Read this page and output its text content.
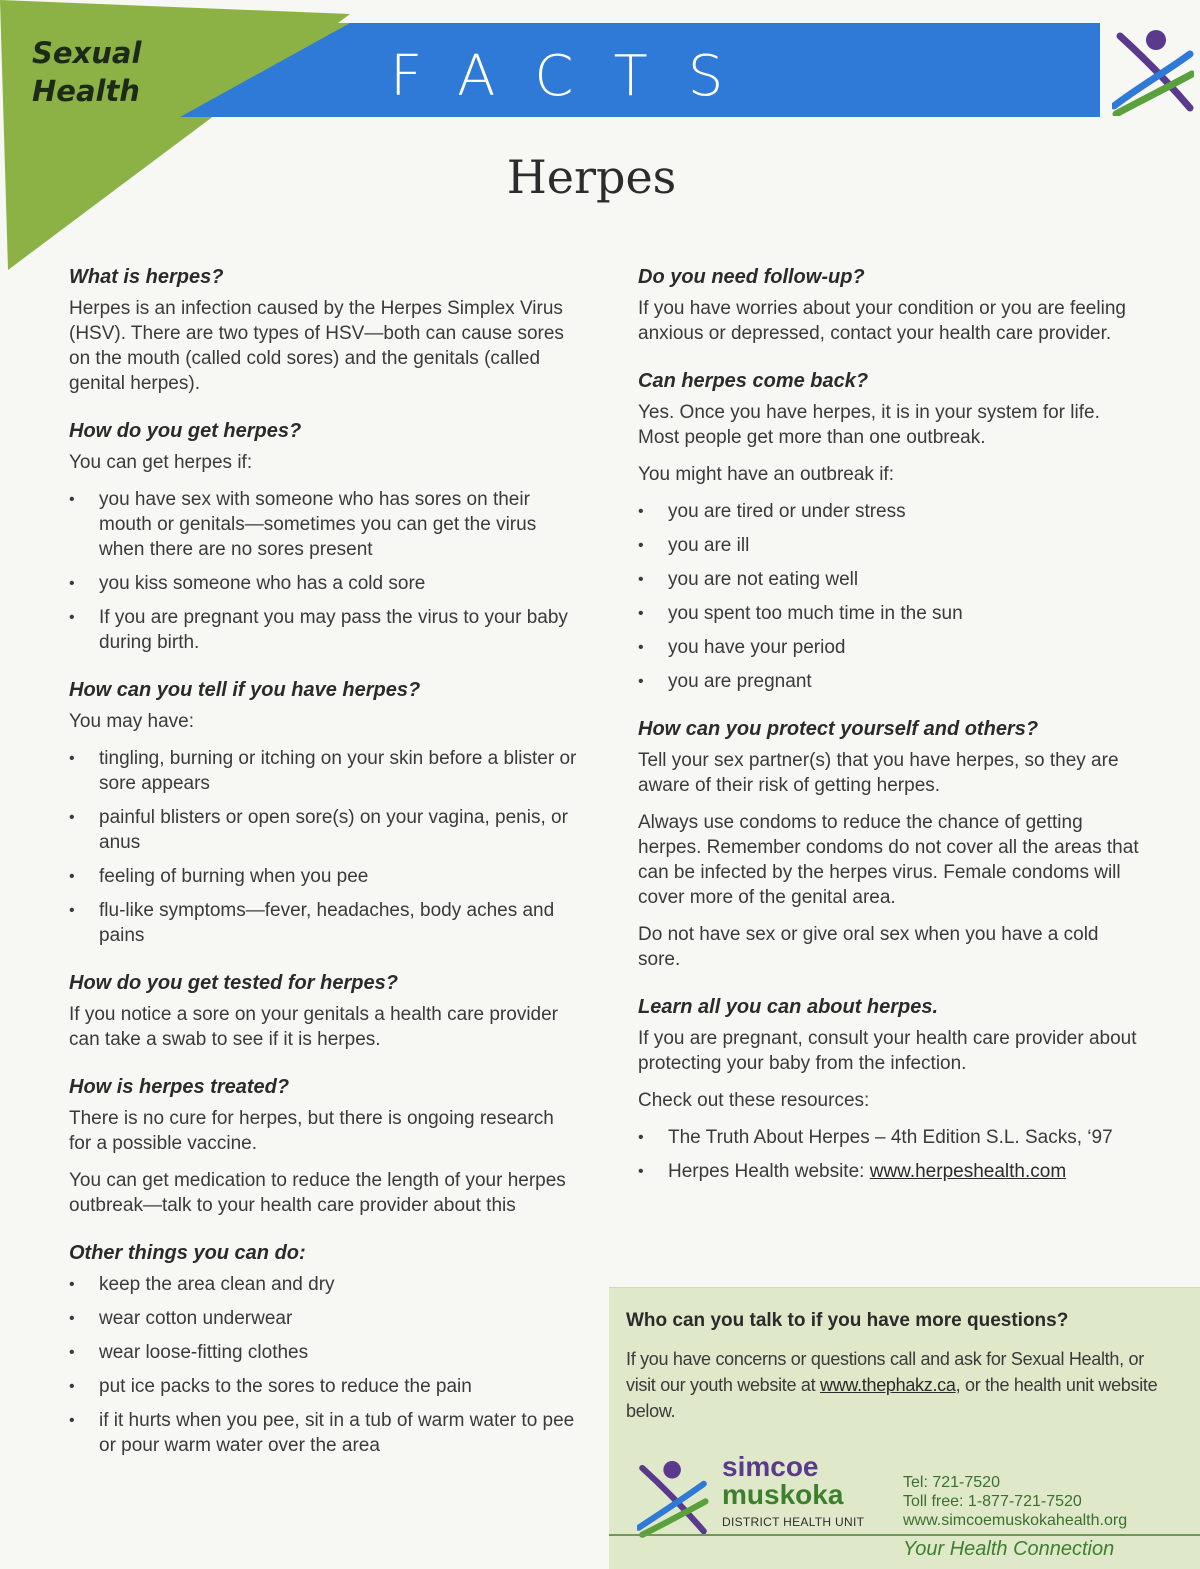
Sexual
Health	FACTS
Herpes
What is herpes?

Herpes is an infection caused by the Herpes Simplex Virus (HSV). There are two types of HSV—both can cause sores on the mouth (called cold sores) and the genitals (called genital herpes).

How do you get herpes?

You can get herpes if:

• you have sex with someone who has sores on their mouth or genitals—sometimes you can get the virus when there are no sores present
• you kiss someone who has a cold sore
• If you are pregnant you may pass the virus to your baby during birth.
How can you tell if you have herpes?

You may have:

• tingling, burning or itching on your skin before a blister or sore appears
• painful blisters or open sore(s) on your vagina, penis, or anus
• feeling of burning when you pee
• flu-like symptoms—fever, headaches, body aches and pains
How do you get tested for herpes?

If you notice a sore on your genitals a health care provider can take a swab to see if it is herpes.

How is herpes treated?

There is no cure for herpes, but there is ongoing research for a possible vaccine.

You can get medication to reduce the length of your herpes outbreak—talk to your health care provider about this

Other things you can do:
• keep the area clean and dry
• wear cotton underwear
• wear loose-fitting clothes
• put ice packs to the sores to reduce the pain
• if it hurts when you pee, sit in a tub of warm water to pee or pour warm water over the area
Do you need follow-up?

If you have worries about your condition or you are feeling anxious or depressed, contact your health care provider.

Can herpes come back?

Yes. Once you have herpes, it is in your system for life. Most people get more than one outbreak.

You might have an outbreak if:

• you are tired or under stress
• you are ill
• you are not eating well
• you spent too much time in the sun
• you have your period
• you are pregnant
How can you protect yourself and others?

Tell your sex partner(s) that you have herpes, so they are aware of their risk of getting herpes.

Always use condoms to reduce the chance of getting herpes. Remember condoms do not cover all the areas that can be infected by the herpes virus. Female condoms will cover more of the genital area.

Do not have sex or give oral sex when you have a cold sore.

Learn all you can about herpes.

If you are pregnant, consult your health care provider about protecting your baby from the infection.

Check out these resources:

• The Truth About Herpes – 4th Edition S.L. Sacks, ‘97
• Herpes Health website: www.herpeshealth.com
Who can you talk to if you have more questions?

If you have concerns or questions call and ask for Sexual Health, or visit our youth website at www.thephakz.ca, or the health unit website below.

simcoe
muskoka
DISTRICT HEALTH UNIT
Tel: 721-7520
Toll free: 1-877-721-7520
www.simcoemuskokahealth.org
Your Health Connection
